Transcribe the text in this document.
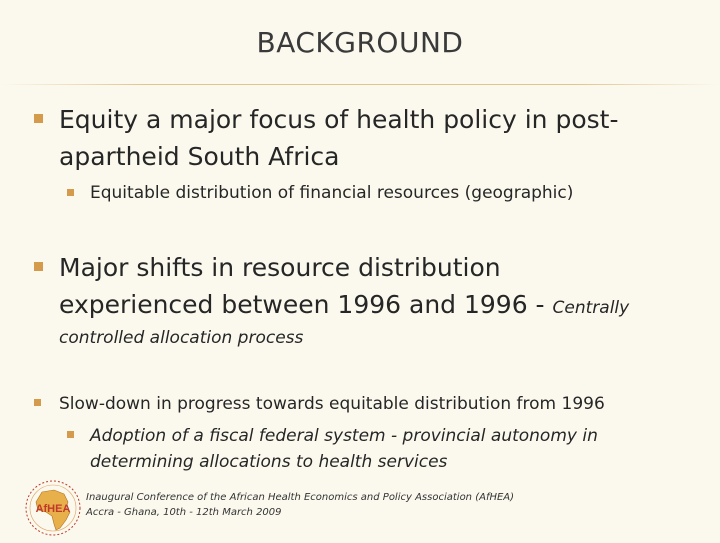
BACKGROUND
Equity a major focus of health policy in post-
apartheid South Africa
Equitable distribution of financial resources (geographic)
Major shifts in resource distribution
experienced between 1996 and 1996 - Centrally
controlled allocation process
Slow-down in progress towards equitable distribution from 1996
Adoption of a fiscal federal system - provincial autonomy in
determining allocations to health services
AfHEA
Inaugural Conference of the African Health Economics and Policy Association (AfHEA)
Accra - Ghana, 10th - 12th March 2009
